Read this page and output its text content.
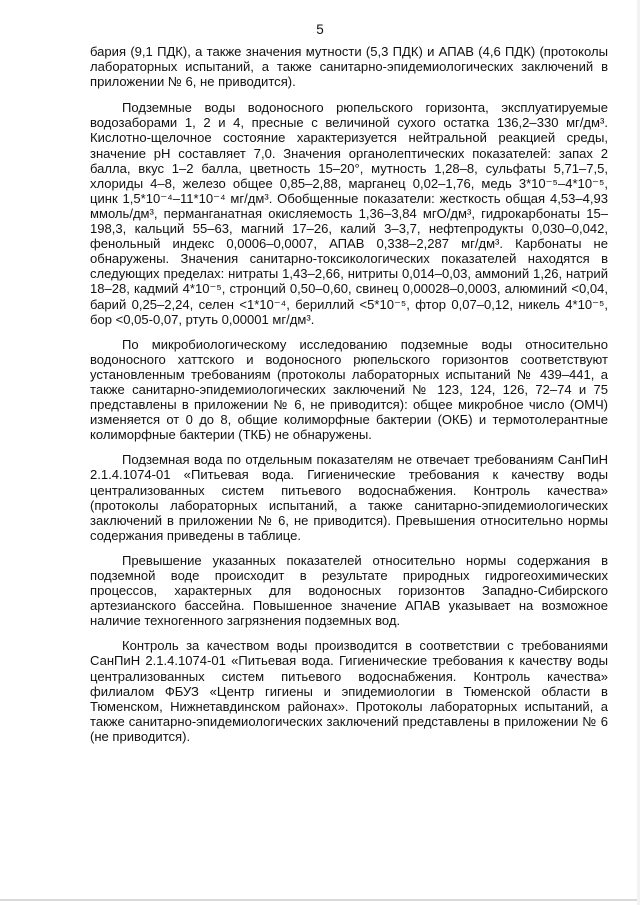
5

бария (9,1 ПДК), а также значения мутности (5,3 ПДК) и АПАВ (4,6 ПДК) (протоколы лабораторных испытаний, а также санитарно-эпидемиологических заключений в приложении № 6, не приводится).

Подземные воды водоносного рюпельского горизонта, эксплуатируемые водозаборами 1, 2 и 4, пресные с величиной сухого остатка 136,2–330 мг/дм³. Кислотно-щелочное состояние характеризуется нейтральной реакцией среды, значение рН составляет 7,0. Значения органолептических показателей: запах 2 балла, вкус 1–2 балла, цветность 15–20°, мутность 1,28–8, сульфаты 5,71–7,5, хлориды 4–8, железо общее 0,85–2,88, марганец 0,02–1,76, медь 3*10⁻⁵–4*10⁻⁵, цинк 1,5*10⁻⁴–11*10⁻⁴ мг/дм³. Обобщенные показатели: жесткость общая 4,53–4,93 ммоль/дм³, перманганатная окисляемость 1,36–3,84 мгО/дм³, гидрокарбонаты 15–198,3, кальций 55–63, магний 17–26, калий 3–3,7, нефтепродукты 0,030–0,042, фенольный индекс 0,0006–0,0007, АПАВ 0,338–2,287 мг/дм³. Карбонаты не обнаружены. Значения санитарно-токсикологических показателей находятся в следующих пределах: нитраты 1,43–2,66, нитриты 0,014–0,03, аммоний 1,26, натрий 18–28, кадмий 4*10⁻⁵, стронций 0,50–0,60, свинец 0,00028–0,0003, алюминий <0,04, барий 0,25–2,24, селен <1*10⁻⁴, бериллий <5*10⁻⁵, фтор 0,07–0,12, никель 4*10⁻⁵, бор <0,05-0,07, ртуть 0,00001 мг/дм³.

По микробиологическому исследованию подземные воды относительно водоносного хаттского и водоносного рюпельского горизонтов соответствуют установленным требованиям (протоколы лабораторных испытаний № 439–441, а также санитарно-эпидемиологических заключений № 123, 124, 126, 72–74 и 75 представлены в приложении № 6, не приводится): общее микробное число (ОМЧ) изменяется от 0 до 8, общие колиморфные бактерии (ОКБ) и термотолерантные колиморфные бактерии (ТКБ) не обнаружены.

Подземная вода по отдельным показателям не отвечает требованиям СанПиН 2.1.4.1074-01 «Питьевая вода. Гигиенические требования к качеству воды централизованных систем питьевого водоснабжения. Контроль качества» (протоколы лабораторных испытаний, а также санитарно-эпидемиологических заключений в приложении № 6, не приводится). Превышения относительно нормы содержания приведены в таблице.

Превышение указанных показателей относительно нормы содержания в подземной воде происходит в результате природных гидрогеохимических процессов, характерных для водоносных горизонтов Западно-Сибирского артезианского бассейна. Повышенное значение АПАВ указывает на возможное наличие техногенного загрязнения подземных вод.

Контроль за качеством воды производится в соответствии с требованиями СанПиН 2.1.4.1074-01 «Питьевая вода. Гигиенические требования к качеству воды централизованных систем питьевого водоснабжения. Контроль качества» филиалом ФБУЗ «Центр гигиены и эпидемиологии в Тюменской области в Тюменском, Нижнетавдинском районах». Протоколы лабораторных испытаний, а также санитарно-эпидемиологических заключений представлены в приложении № 6 (не приводится).
